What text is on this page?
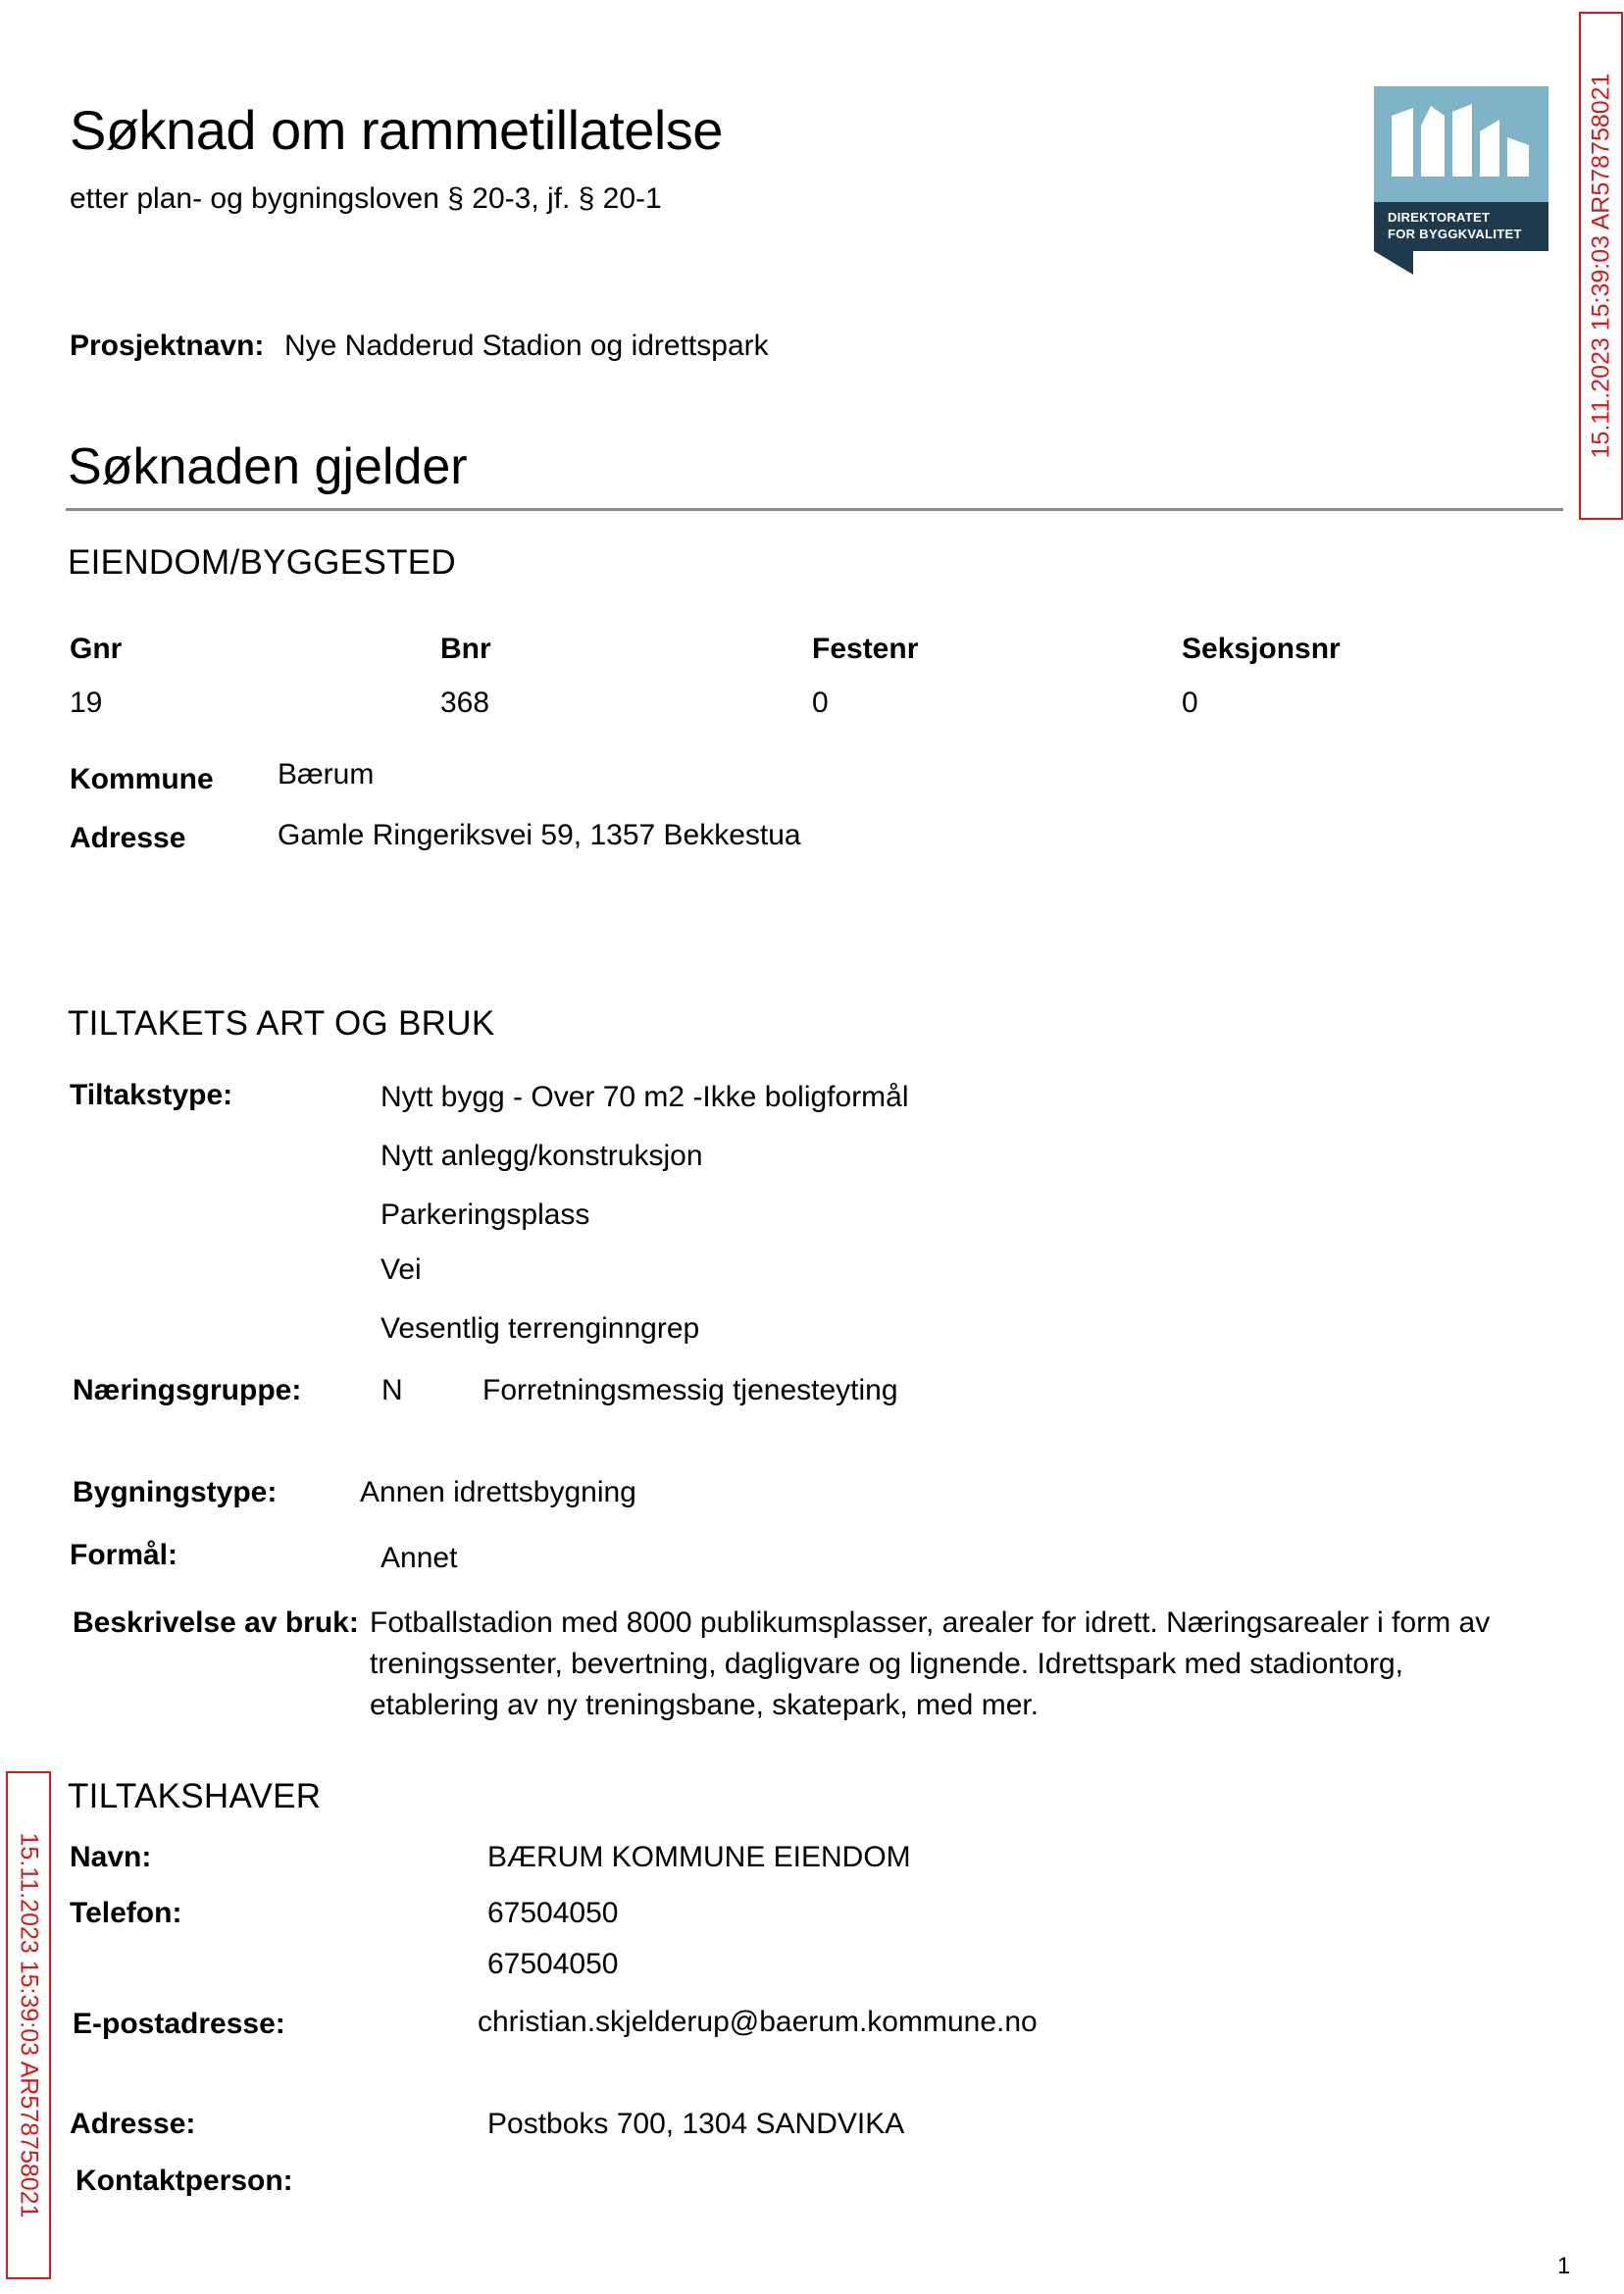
Søknad om rammetillatelse
etter plan- og bygningsloven § 20-3, jf. § 20-1
DIREKTORATET
FOR BYGGKVALITET	15.11.2023 15:39:03 AR578758021
15.11.2023 15:39:03 AR578758021
Prosjektnavn: Nye Nadderud Stadion og idrettspark
Søknaden gjelder
EIENDOM/BYGGESTED
Gnr	Bnr	Festenr	Seksjonsnr
19	368	0	0
Kommune Bærum
Adresse	Gamle Ringeriksvei 59, 1357 Bekkestua
TILTAKETS ART OG BRUK
Tiltakstype:	Nytt bygg - Over 70 m2 -Ikke boligformål
Nytt anlegg/konstruksjon
Parkeringsplass
Vei
Vesentlig terrenginngrep
Næringsgruppe:	N	Forretningsmessig tjenesteyting
Bygningstype:	Annen idrettsbygning
Formål:	Annet
Beskrivelse av bruk: Fotballstadion med 8000 publikumsplasser, arealer for idrett. Næringsarealer i form av
treningssenter, bevertning, dagligvare og lignende. Idrettspark med stadiontorg,
etablering av ny treningsbane, skatepark, med mer.
TILTAKSHAVER
Navn:	BÆRUM KOMMUNE EIENDOM
Telefon:	67504050
67504050
E-postadresse:	christian.skjelderup@baerum.kommune.no
Adresse:	Postboks 700, 1304 SANDVIKA
Kontaktperson:
1
